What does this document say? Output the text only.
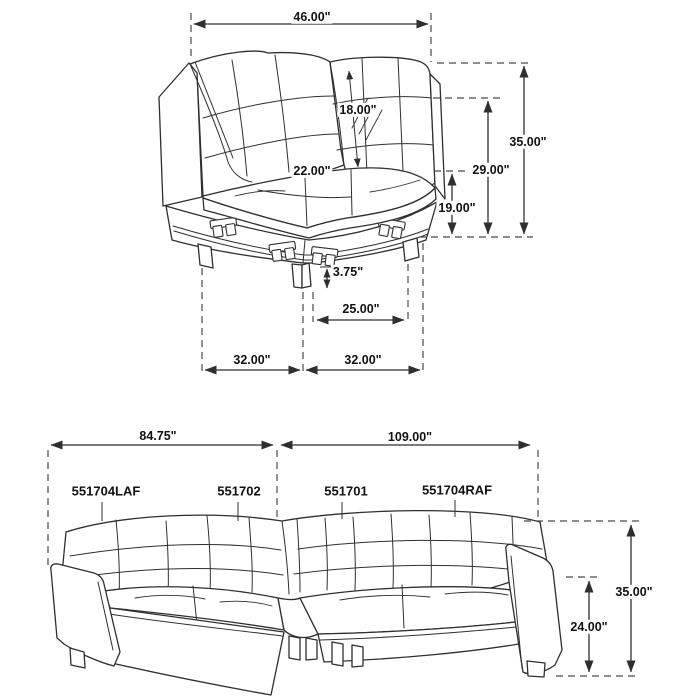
46.00"
18.00"
22.00"
35.00"
29.00"
19.00"
3.75"
25.00"
32.00"	32.00"
84.75"	109.00"
551704LAF	551702	551701	551704RAF
35.00"
24.00"
